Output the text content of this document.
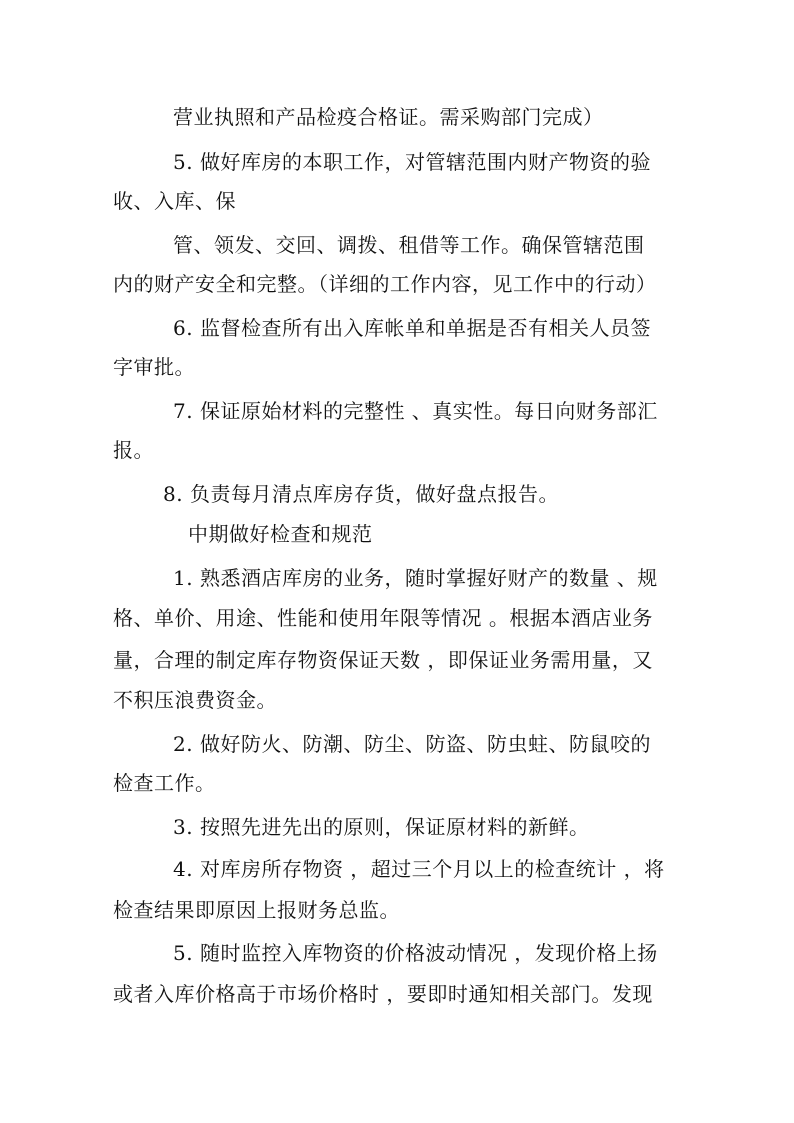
营业执照和产品检疫合格证。需采购部门完成）
5. 做好库房的本职工作，对管辖范围内财产物资的验
收、入库、保
管、领发、交回、调拨、租借等工作。确保管辖范围
内的财产安全和完整。（详细的工作内容，见工作中的行动）
6. 监督检查所有出入库帐单和单据是否有相关人员签
字审批。
7. 保证原始材料的完整性 、真实性。每日向财务部汇
报。
8. 负责每月清点库房存货，做好盘点报告。
中期做好检查和规范
1. 熟悉酒店库房的业务，随时掌握好财产的数量 、规
格、单价、用途、性能和使用年限等情况 。根据本酒店业务
量，合理的制定库存物资保证天数 ，即保证业务需用量，又
不积压浪费资金。
2. 做好防火、防潮、防尘、防盗、防虫蛀、防鼠咬的
检查工作。
3. 按照先进先出的原则，保证原材料的新鲜。
4. 对库房所存物资 ，超过三个月以上的检查统计 ，将
检查结果即原因上报财务总监。
5. 随时监控入库物资的价格波动情况 ，发现价格上扬
或者入库价格高于市场价格时 ，要即时通知相关部门。发现
